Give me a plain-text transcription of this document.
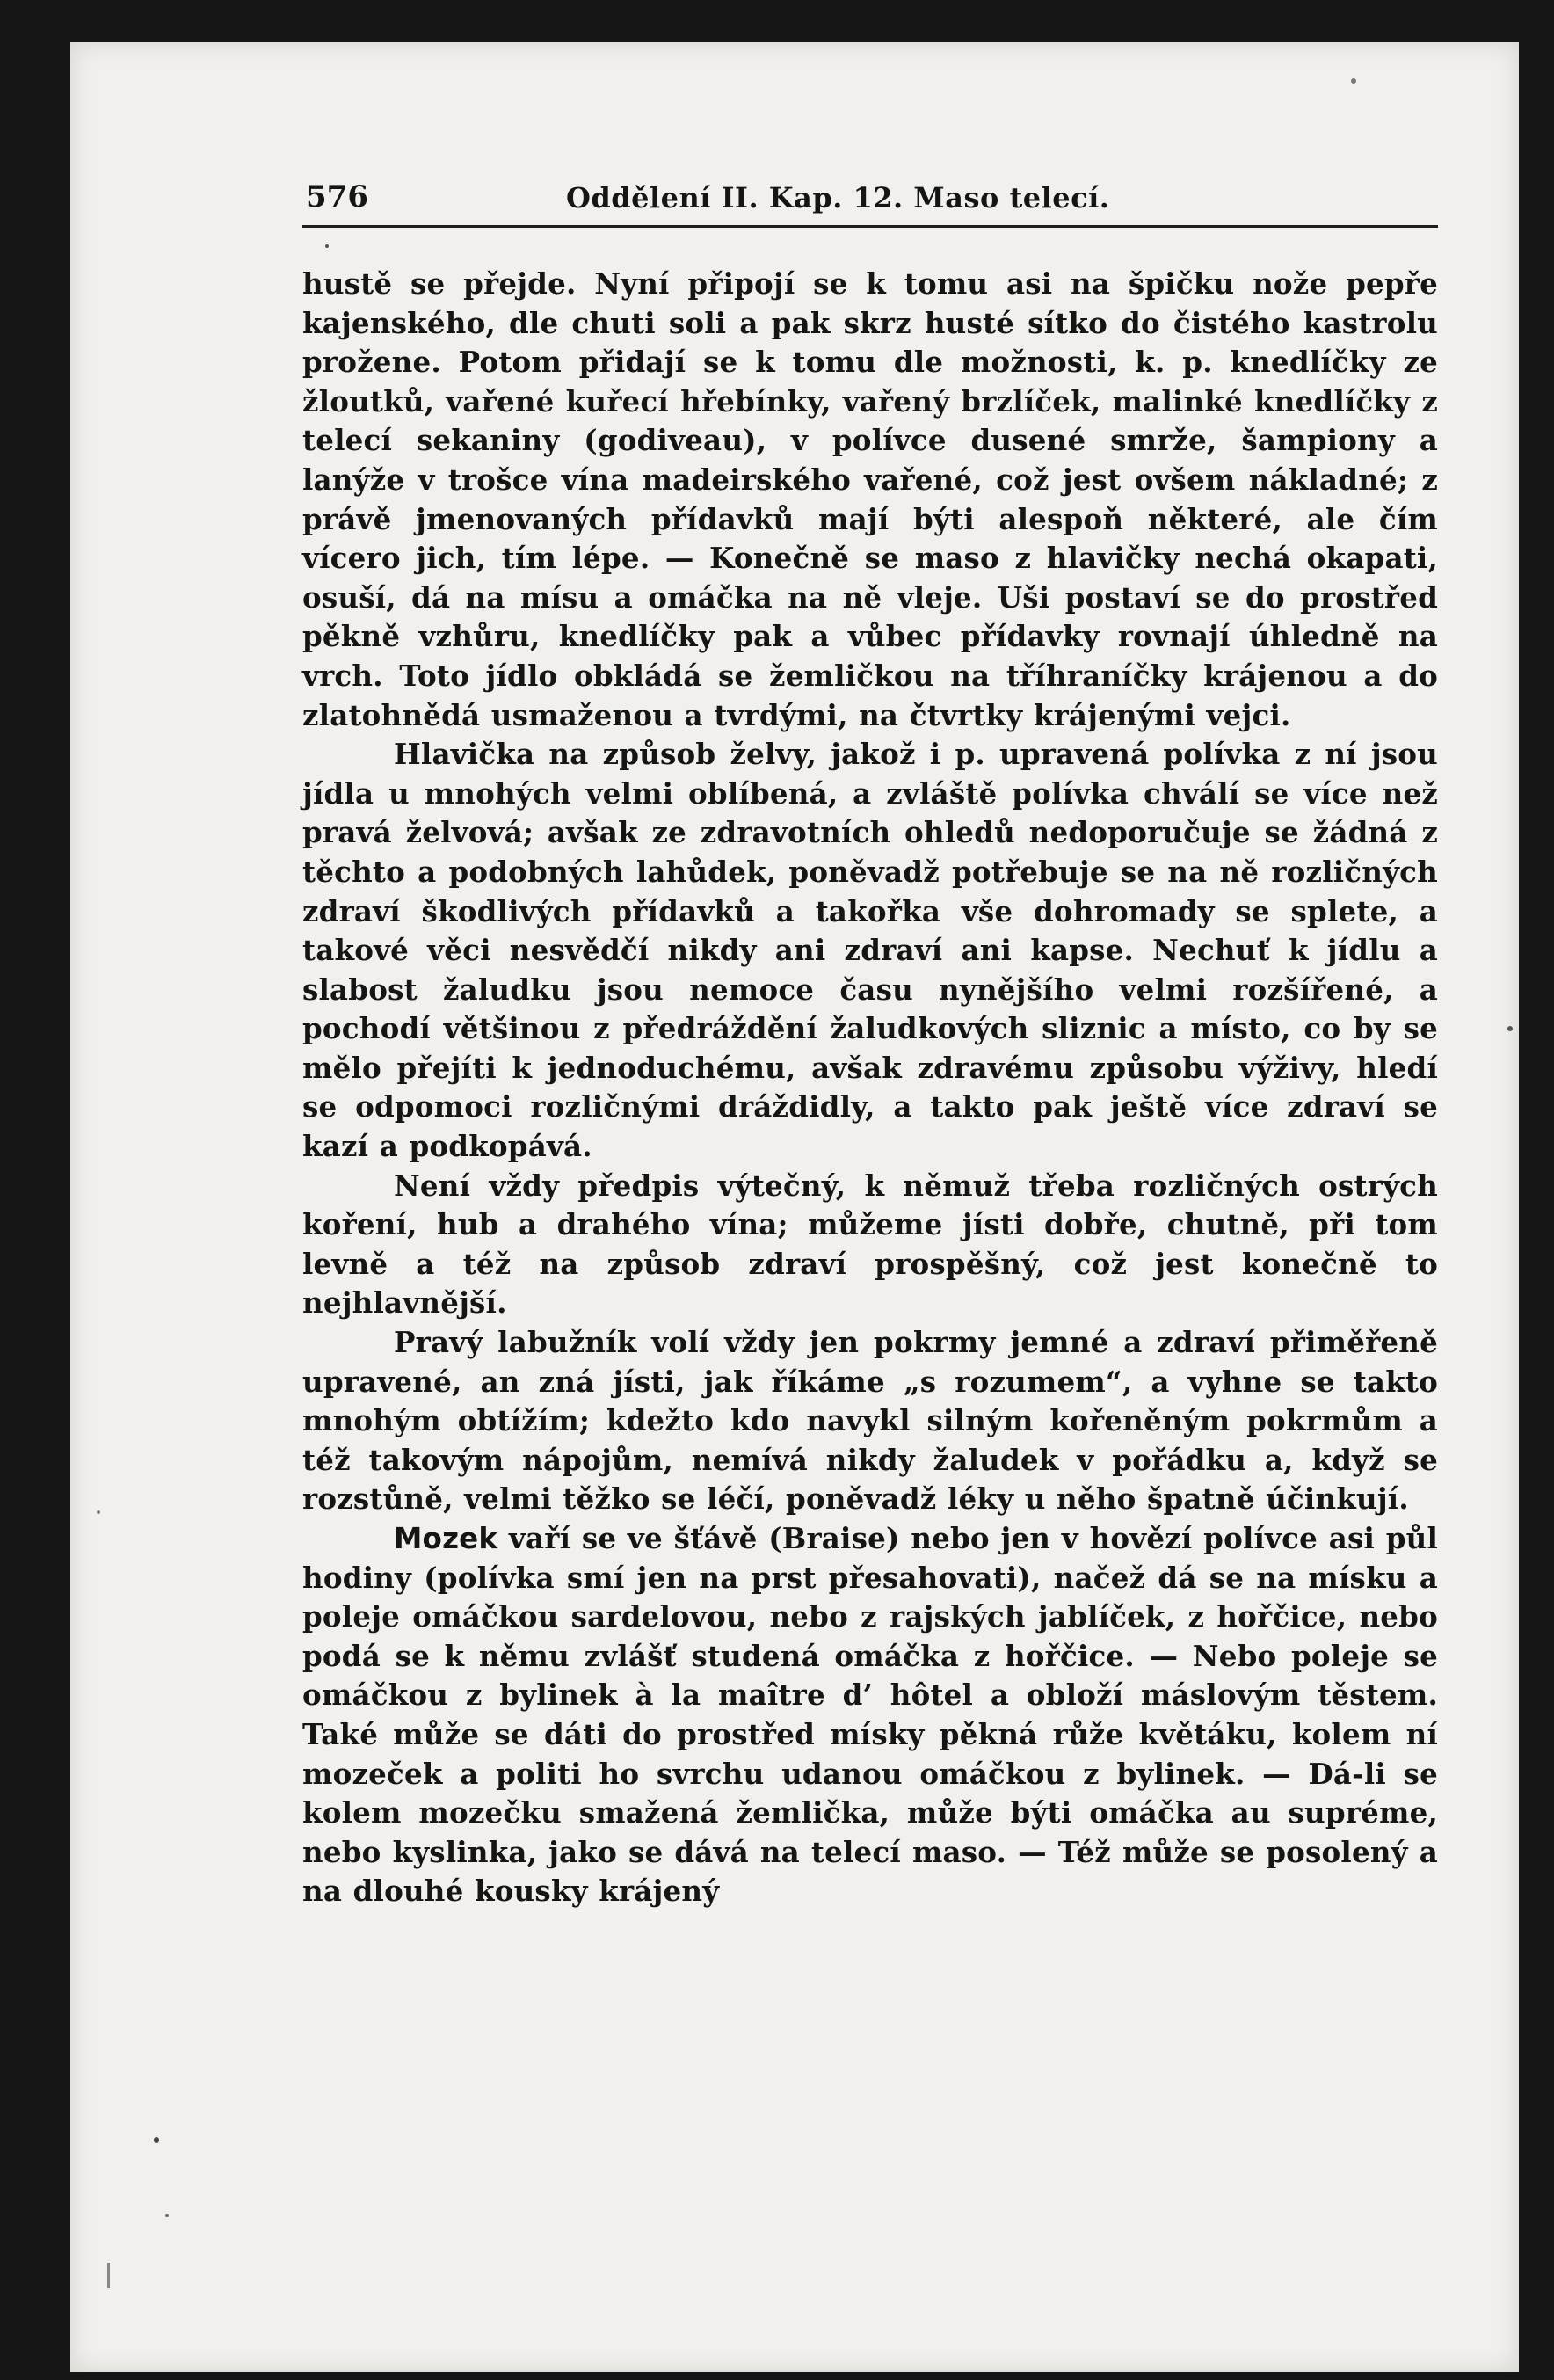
576	Oddělení II. Kap. 12. Maso telecí.

hustě se přejde. Nyní připojí se k tomu asi na špičku nože pepře kajenského, dle chuti soli a pak skrz husté sítko do čistého kastrolu prožene. Potom přidají se k tomu dle možnosti, k. p. knedlíčky ze žloutků, vařené kuřecí hřebínky, vařený brzlíček, malinké knedlíčky z telecí sekaniny (godiveau), v polívce dusené smrže, šampiony a lanýže v trošce vína madeirského vařené, což jest ovšem nákladné; z právě jmenovaných přídavků mají býti alespoň některé, ale čím vícero jich, tím lépe. — Konečně se maso z hlavičky nechá okapati, osuší, dá na mísu a omáčka na ně vleje. Uši postaví se do prostřed pěkně vzhůru, knedlíčky pak a vůbec přídavky rovnají úhledně na vrch. Toto jídlo obkládá se žemličkou na tříhraníčky krájenou a do zlatohnědá usmaženou a tvrdými, na čtvrtky krájenými vejci.

Hlavička na způsob želvy, jakož i p. upravená polívka z ní jsou jídla u mnohých velmi oblíbená, a zvláště polívka chválí se více než pravá želvová; avšak ze zdravotních ohledů nedoporučuje se žádná z těchto a podobných lahůdek, poněvadž potřebuje se na ně rozličných zdraví škodlivých přídavků a takořka vše dohromady se splete, a takové věci nesvědčí nikdy ani zdraví ani kapse. Nechuť k jídlu a slabost žaludku jsou nemoce času nynějšího velmi rozšířené, a pochodí většinou z předráždění žaludkových sliznic a místo, co by se mělo přejíti k jednoduchému, avšak zdravému způsobu výživy, hledí se odpomoci rozličnými dráždidly, a takto pak ještě více zdraví se kazí a podkopává.

Není vždy předpis výtečný, k němuž třeba rozličných ostrých koření, hub a drahého vína; můžeme jísti dobře, chutně, při tom levně a též na způsob zdraví prospěšný, což jest konečně to nejhlavnější.

Pravý labužník volí vždy jen pokrmy jemné a zdraví přiměřeně upravené, an zná jísti, jak říkáme „s rozumem“, a vyhne se takto mnohým obtížím; kdežto kdo navykl silným kořeněným pokrmům a též takovým nápojům, nemívá nikdy žaludek v pořádku a, když se rozstůně, velmi těžko se léčí, poněvadž léky u něho špatně účinkují.

Mozek vaří se ve šťávě (Braise) nebo jen v hovězí polívce asi půl hodiny (polívka smí jen na prst přesahovati), načež dá se na mísku a poleje omáčkou sardelovou, nebo z rajských jablíček, z hořčice, nebo podá se k němu zvlášť studená omáčka z hořčice. — Nebo poleje se omáčkou z bylinek à la maître d’ hôtel a obloží máslovým těstem. Také může se dáti do prostřed mísky pěkná růže květáku, kolem ní mozeček a politi ho svrchu udanou omáčkou z bylinek. — Dá-li se kolem mozečku smažená žemlička, může býti omáčka au supréme, nebo kyslinka, jako se dává na telecí maso. — Též může se posolený a na dlouhé kousky krájený
